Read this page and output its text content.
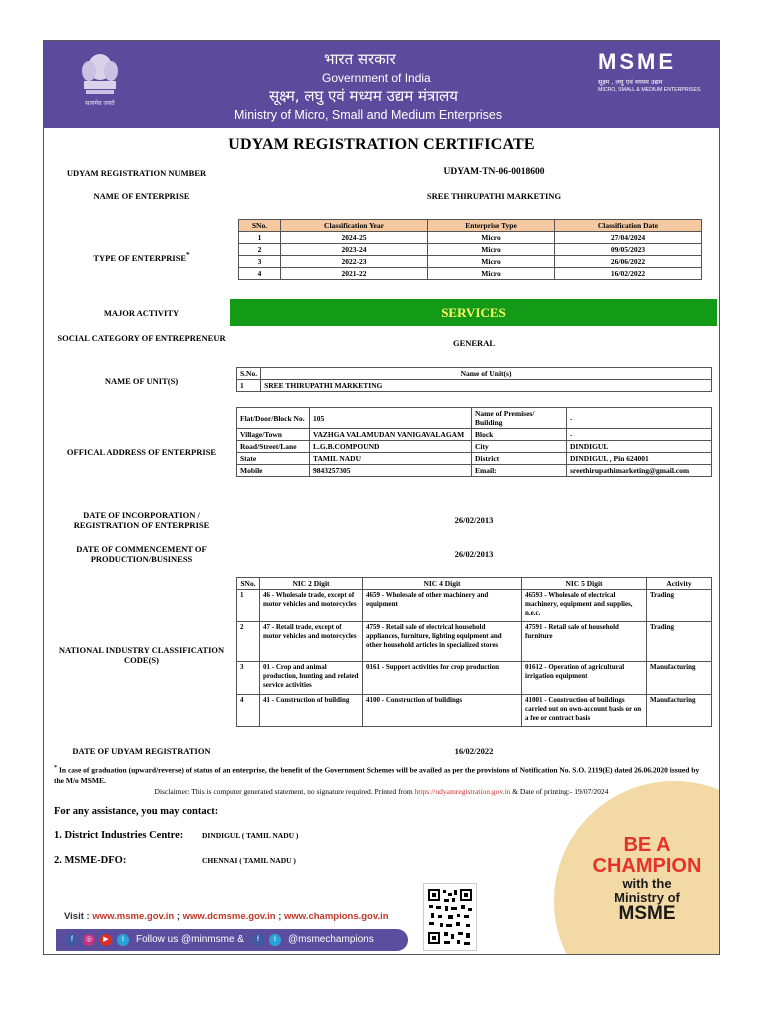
सत्यमेव जयते
भारत सरकार
Government of India
सूक्ष्म, लघु एवं मध्यम उद्यम मंत्रालय
Ministry of Micro, Small and Medium Enterprises
MSME
सूक्ष्म , लघु एवं मध्यम उद्यम
MICRO, SMALL & MEDIUM ENTERPRISES
UDYAM REGISTRATION CERTIFICATE
UDYAM REGISTRATION NUMBER	UDYAM-TN-06-0018600
NAME OF ENTERPRISE	SREE THIRUPATHI MARKETING
SNo.	Classification Year	Enterprise Type	Classification Date
1	2024-25	Micro	27/04/2024
2	2023-24	Micro	09/05/2023
3	2022-23	Micro	26/06/2022
4	2021-22	Micro	16/02/2022
TYPE OF ENTERPRISE*
MAJOR ACTIVITY	SERVICES
SOCIAL CATEGORY OF ENTREPRENEUR	GENERAL
S.No.	Name of Unit(s)
1	SREE THIRUPATHI MARKETING
NAME OF UNIT(S)
Flat/Door/Block No.	105	Name of Premises/ Building	-
Village/Town	VAZHGA VALAMUDAN VANIGAVALAGAM	Block	-
Road/Street/Lane	L.G.B.COMPOUND	City	DINDIGUL
State	TAMIL NADU	District	DINDIGUL , Pin 624001
Mobile	9843257305	Email:	sreethirupathimarketing@gmail.com
OFFICAL ADDRESS OF ENTERPRISE
DATE OF INCORPORATION / REGISTRATION OF ENTERPRISE	26/02/2013
DATE OF COMMENCEMENT OF PRODUCTION/BUSINESS	26/02/2013
SNo.	NIC 2 Digit	NIC 4 Digit	NIC 5 Digit	Activity
1	46 - Wholesale trade, except of motor vehicles and motorcycles	4659 - Wholesale of other machinery and equipment	46593 - Wholesale of electrical machinery, equipment and supplies, n.e.c.	Trading
2	47 - Retail trade, except of motor vehicles and motorcycles	4759 - Retail sale of electrical household appliances, furniture, lighting equipment and other household articles in specialized stores	47591 - Retail sale of household furniture	Trading
3	01 - Crop and animal production, hunting and related service activities	0161 - Support activities for crop production	01612 - Operation of agricultural irrigation equipment	Manufacturing
4	41 - Construction of building	4100 - Construction of buildings	41001 - Construction of buildings carried out on own-account basis or on a fee or contract basis	Manufacturing
NATIONAL INDUSTRY CLASSIFICATION CODE(S)
DATE OF UDYAM REGISTRATION	16/02/2022
* In case of graduation (upward/reverse) of status of an enterprise, the benefit of the Government Schemes will be availed as per the provisions of Notification No. S.O. 2119(E) dated 26.06.2020 issued by the M/o MSME.
Disclaimer: This is computer generated statement, no signature required. Printed from https://udyamregistration.gov.in & Date of printing:- 19/07/2024
For any assistance, you may contact:
1. District Industries Centre: DINDIGUL ( TAMIL NADU )
2. MSME-DFO:	CHENNAI ( TAMIL NADU )
BE A
CHAMPION
with the
Ministry of
MSME
Visit : www.msme.gov.in ; www.dcmsme.gov.in ; www.champions.gov.in
f	◎	▶	t	Follow us @minmsme &	f	t	@msmechampions
